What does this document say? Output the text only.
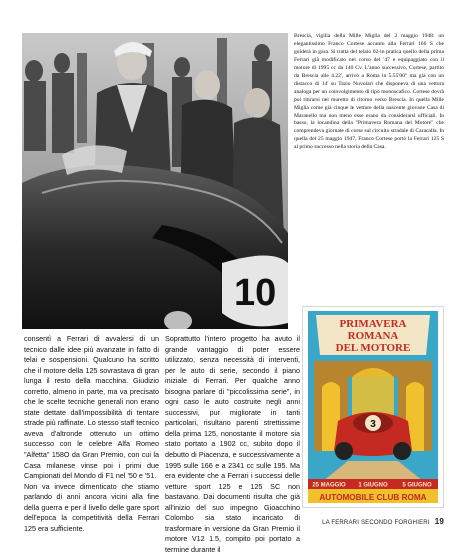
10
Brescia, vigilia della Mille Miglia del 2 maggio 1948: un elegantissimo Franco Cortese accanto alla Ferrari 166 S che guiderà in gara. Si tratta del telaio 02-in pratica quello della prima Ferrari già modificato nel corso del '47 e equipaggiato con il motore di 1995 cc da 140 Cv. L'anno successivo, Cortese, partito da Brescia alle 4.22', arrivò a Roma in 5.55'00" ma già con un distacco di 14' su Tazio Nuvolari che disponeva di una vettura analoga per un coinvolgimento di tipo monoscafico. Cortese dovrà poi ritirarsi nel muretto di ritorno verso Brescia. In quella Mille Miglia come già cinque le vetture della nascente giovane Casa di Maranello ma non meno esse erano da considerarsi ufficiali. In basso, la locandina della "Primavera Romana del Motore" che comprendeva giornate di corse sul circuito stradale di Caracalla. In quella del 25 maggio 1947, Franco Cortese portò la Ferrari 125 S al primo successo nella storia della Casa.
PRIMAVERA
ROMANA
DEL MOTORE
3
25 MAGGIO 1 GIUGNO 5 GIUGNO
AUTOMOBILE CLUB ROMA

consentì a Ferrari di avvalersi di un tecnico dalle idee più avanzate in fatto di telai e sospensioni. Qualcuno ha scritto che il motore della 125 sovrastava di gran lunga il resto della macchina. Giudizio corretto, almeno in parte, ma va precisato che le scelte tecniche generali non erano state dettate dall'impossibilità di tentare strade più raffinate. Lo stesso staff tecnico aveva d'altronde ottenuto un ottimo successo con le celebre Alfa Romeo "Alfetta" 158O da Gran Premio, con cui la Casa milanese vinse poi i primi due Campionati del Mondo di F1 nel '50 e '51.

Non va invece dimenticato che stiamo parlando di anni ancora vicini alla fine della guerra e per il livello delle gare sport dell'epoca la competitività della Ferrari 125 era sufficiente.

Soprattutto l'intero progetto ha avuto il grande vantaggio di poter essere utilizzato, senza necessità di interventi, per le auto di serie, secondo il piano iniziale di Ferrari. Per qualche anno bisogna parlare di "piccolissima serie", in ogni caso le auto costruite negli anni successivi, pur migliorate in tanti particolari, risultano parenti strettissime della prima 125, nonostante il motore sia stato portato a 1902 cc, subito dopo il debutto di Piacenza, e successivamente a 1995 sulle 166 e a 2341 cc sulle 195. Ma era evidente che a Ferrari i successi delle vetture sport 125 e 125 SC non bastavano. Dai documenti risulta che già all'inizio del suo impegno Gioacchino Colombo sia stato incaricato di trasformare in versione da Gran Premio il motore V12 1.5, compito poi portato a termine durante il

LA FERRARI SECONDO FORGHIERI 19
